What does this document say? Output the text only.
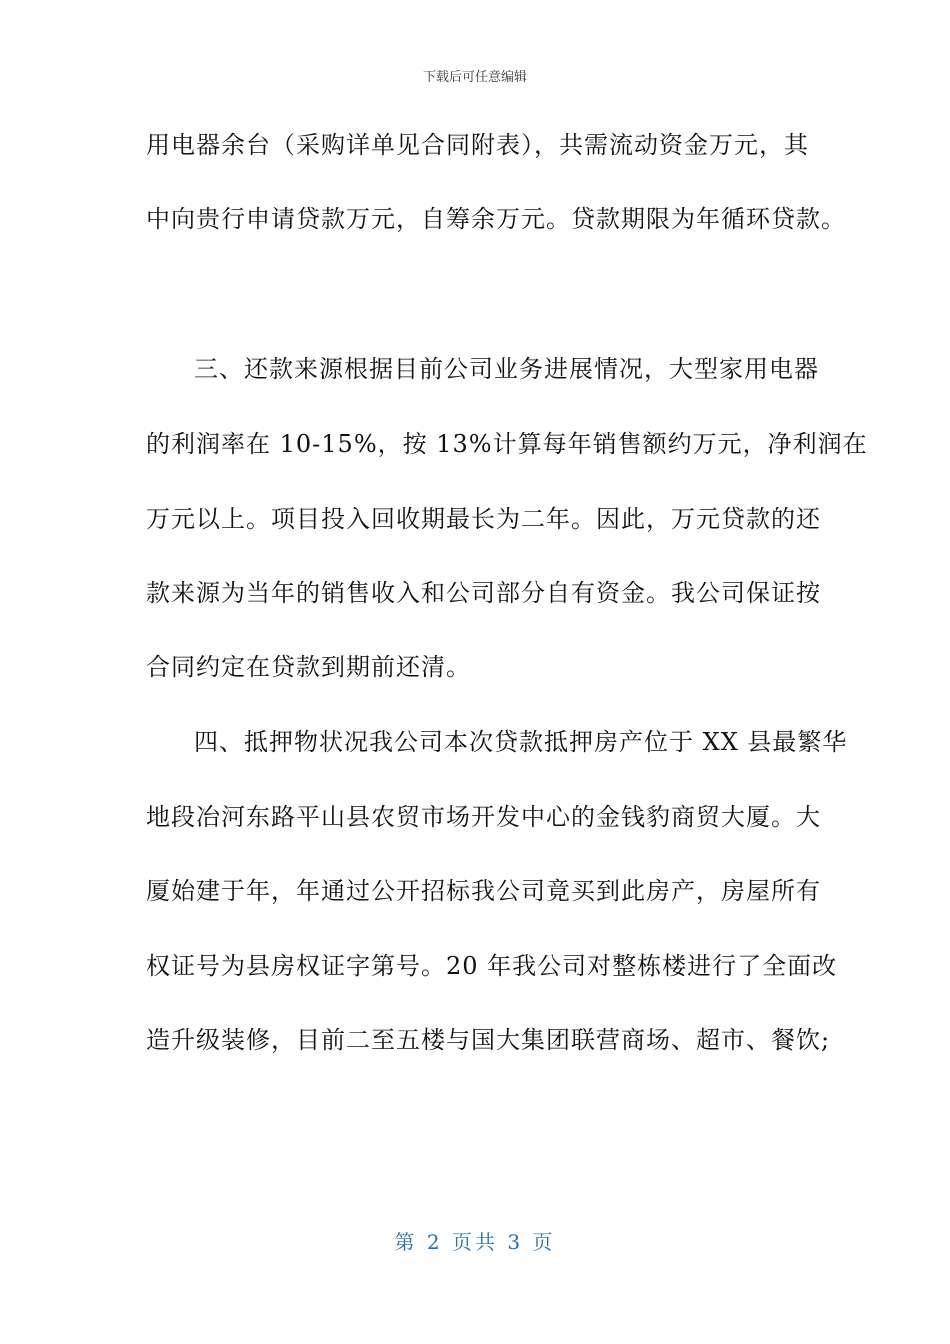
下载后可任意编辑
用电器余台（采购详单见合同附表），共需流动资金万元，其
中向贵行申请贷款万元，自筹余万元。贷款期限为年循环贷款。
三、还款来源根据目前公司业务进展情况，大型家用电器
的利润率在 10-15%，按 13%计算每年销售额约万元，净利润在
万元以上。项目投入回收期最长为二年。因此，万元贷款的还
款来源为当年的销售收入和公司部分自有资金。我公司保证按
合同约定在贷款到期前还清。
四、抵押物状况我公司本次贷款抵押房产位于 XX 县最繁华
地段冶河东路平山县农贸市场开发中心的金钱豹商贸大厦。大
厦始建于年，年通过公开招标我公司竟买到此房产，房屋所有
权证号为县房权证字第号。20 年我公司对整栋楼进行了全面改
造升级装修，目前二至五楼与国大集团联营商场、超市、餐饮;
第 2 页共 3 页
